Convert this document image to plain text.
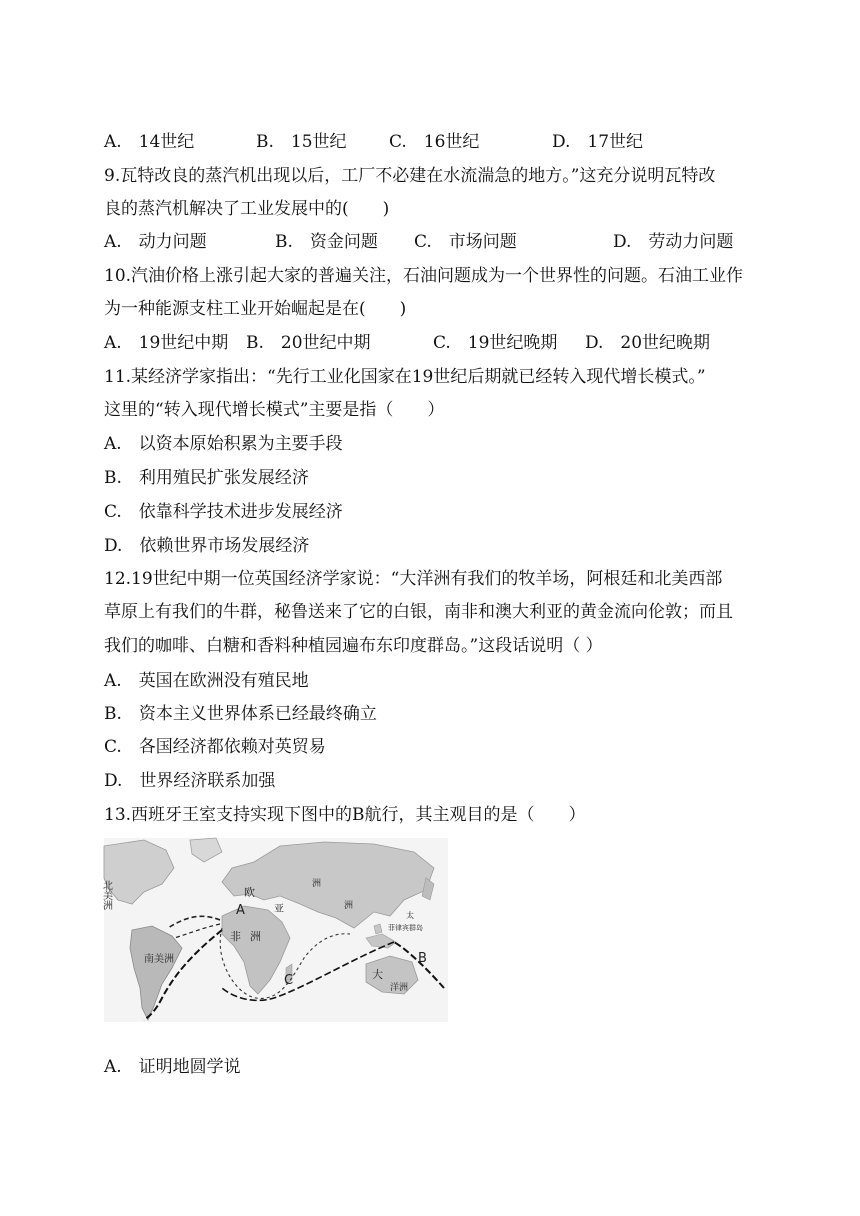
A.　14世纪	B.　15世纪 C.　16世纪	D.　17世纪
9.瓦特改良的蒸汽机出现以后，工厂不必建在水流湍急的地方。”这充分说明瓦特改
良的蒸汽机解决了工业发展中的(　　)
A.　动力问题	B.　资金问题 C.　市场问题	D.　劳动力问题
10.汽油价格上涨引起大家的普遍关注，石油问题成为一个世界性的问题。石油工业作
为一种能源支柱工业开始崛起是在(　　)
A.　19世纪中期 B.　20世纪中期	C.　19世纪晚期 D.　20世纪晚期
11.某经济学家指出：“先行工业化国家在19世纪后期就已经转入现代增长模式。”
这里的“转入现代增长模式”主要是指（　　）
A.　以资本原始积累为主要手段
B.　利用殖民扩张发展经济
C.　依靠科学技术进步发展经济
D.　依赖世界市场发展经济
12.19世纪中期一位英国经济学家说：“大洋洲有我们的牧羊场，阿根廷和北美西部
草原上有我们的牛群，秘鲁送来了它的白银，南非和澳大利亚的黄金流向伦敦；而且
我们的咖啡、白糖和香料种植园遍布东印度群岛。”这段话说明（ ）
A.　英国在欧洲没有殖民地
B.　资本主义世界体系已经最终确立
C.　各国经济都依赖对英贸易
D.　世界经济联系加强
13.西班牙王室支持实现下图中的B航行，其主观目的是（　　）
北美洲
A
欧
洲
亚	洲
非 洲
南美洲
C
太
菲律宾群岛
B
大
洋洲
A.　证明地圆学说
